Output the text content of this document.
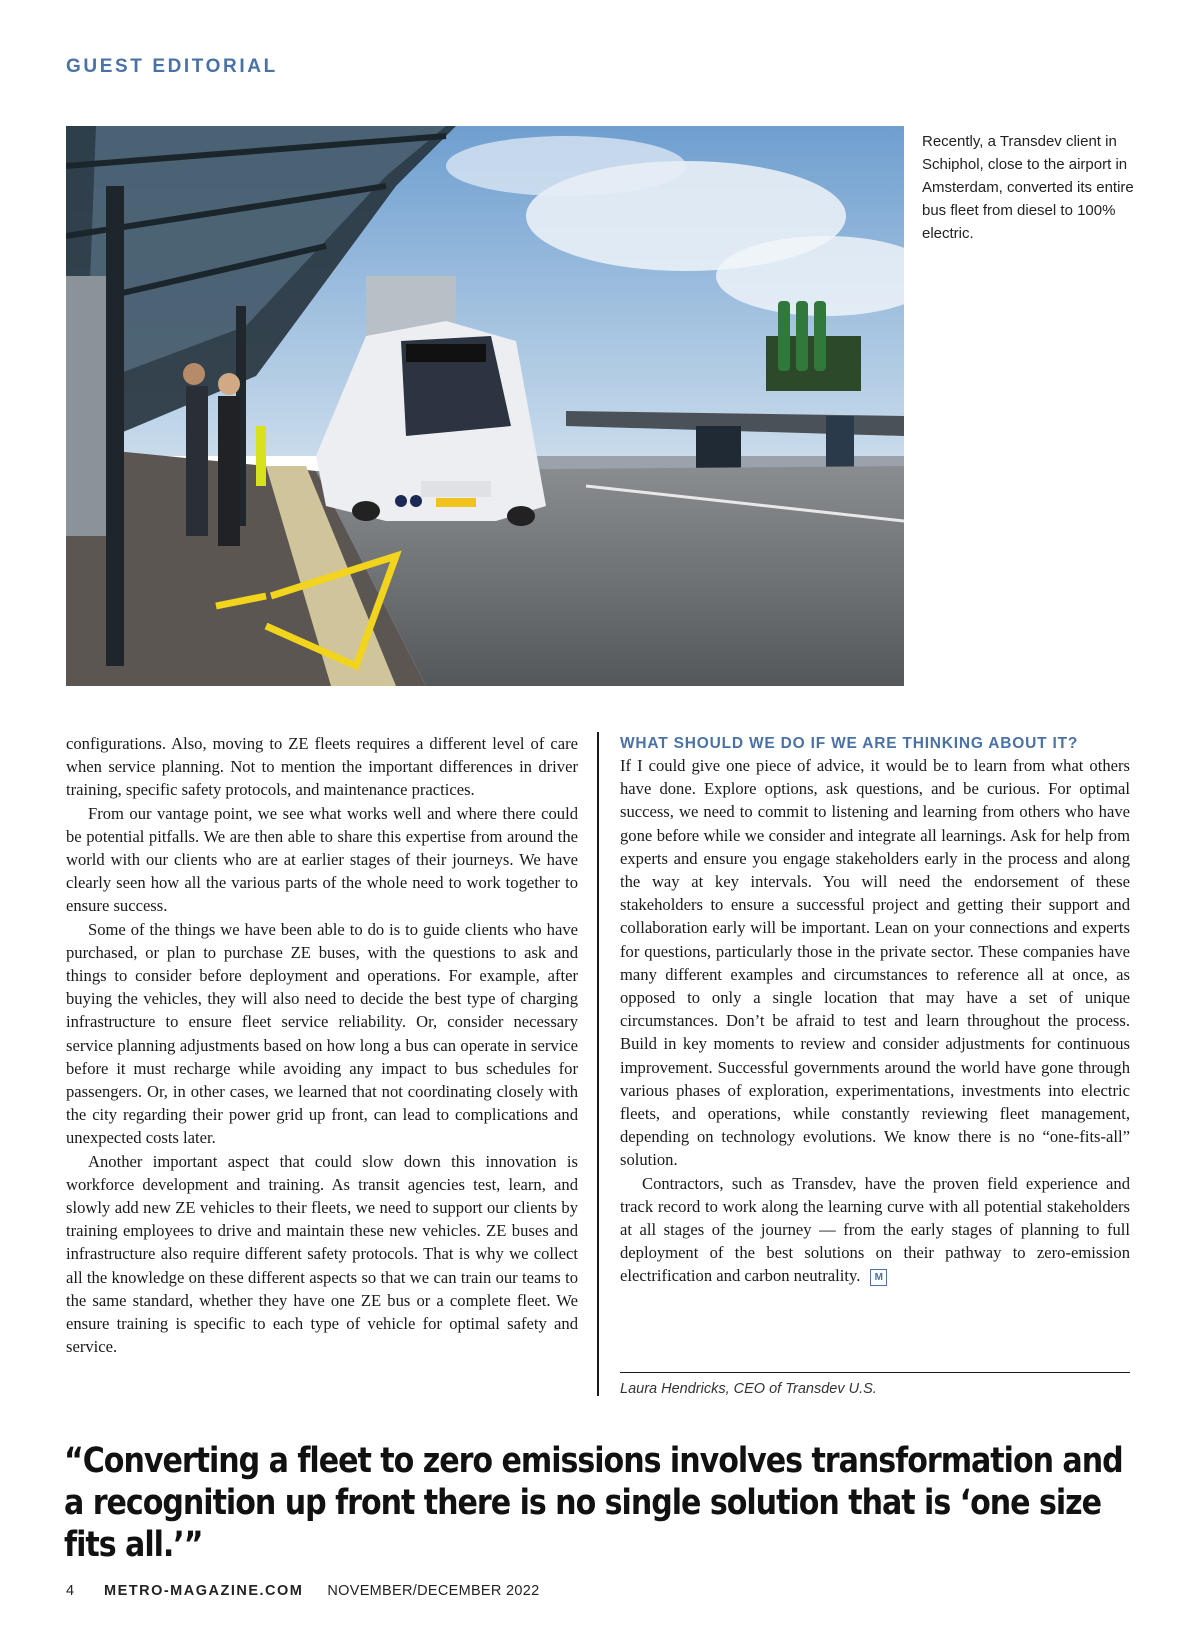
GUEST EDITORIAL
Recently, a Transdev client in Schiphol, close to the airport in Amsterdam, converted its entire bus fleet from diesel to 100% electric.

configurations. Also, moving to ZE fleets requires a different level of care when service planning. Not to mention the important differences in driver training, specific safety protocols, and maintenance practices.

From our vantage point, we see what works well and where there could be potential pitfalls. We are then able to share this expertise from around the world with our clients who are at earlier stages of their journeys. We have clearly seen how all the various parts of the whole need to work together to ensure success.

Some of the things we have been able to do is to guide clients who have purchased, or plan to purchase ZE buses, with the questions to ask and things to consider before deployment and operations. For example, after buying the vehicles, they will also need to decide the best type of charging infrastructure to ensure fleet service reliability. Or, consider necessary service planning adjustments based on how long a bus can operate in service before it must recharge while avoiding any impact to bus schedules for passengers. Or, in other cases, we learned that not coordinating closely with the city regarding their power grid up front, can lead to complications and unexpected costs later.

Another important aspect that could slow down this innovation is workforce development and training. As transit agencies test, learn, and slowly add new ZE vehicles to their fleets, we need to support our clients by training employees to drive and maintain these new vehicles. ZE buses and infrastructure also require different safety protocols. That is why we collect all the knowledge on these different aspects so that we can train our teams to the same standard, whether they have one ZE bus or a complete fleet. We ensure training is specific to each type of vehicle for optimal safety and service.

WHAT SHOULD WE DO IF WE ARE THINKING ABOUT IT?

If I could give one piece of advice, it would be to learn from what others have done. Explore options, ask questions, and be curious. For optimal success, we need to commit to listening and learning from others who have gone before while we consider and integrate all learnings. Ask for help from experts and ensure you engage stakeholders early in the process and along the way at key intervals. You will need the endorsement of these stakeholders to ensure a successful project and getting their support and collaboration early will be important. Lean on your connections and experts for questions, particularly those in the private sector. These companies have many different examples and circumstances to reference all at once, as opposed to only a single location that may have a set of unique circumstances. Don’t be afraid to test and learn throughout the process. Build in key moments to review and consider adjustments for continuous improvement. Successful governments around the world have gone through various phases of exploration, experimentations, investments into electric fleets, and operations, while constantly reviewing fleet management, depending on technology evolutions. We know there is no “one-fits-all” solution.

Contractors, such as Transdev, have the proven field experience and track record to work along the learning curve with all potential stakeholders at all stages of the journey — from the early stages of planning to full deployment of the best solutions on their pathway to zero-emission electrification and carbon neutrality. M

Laura Hendricks, CEO of Transdev U.S.
“Converting a fleet to zero emissions involves transformation and a recognition up front there is no single solution that is ‘one size fits all.’”
4	METRO-MAGAZINE.COM NOVEMBER/DECEMBER 2022
